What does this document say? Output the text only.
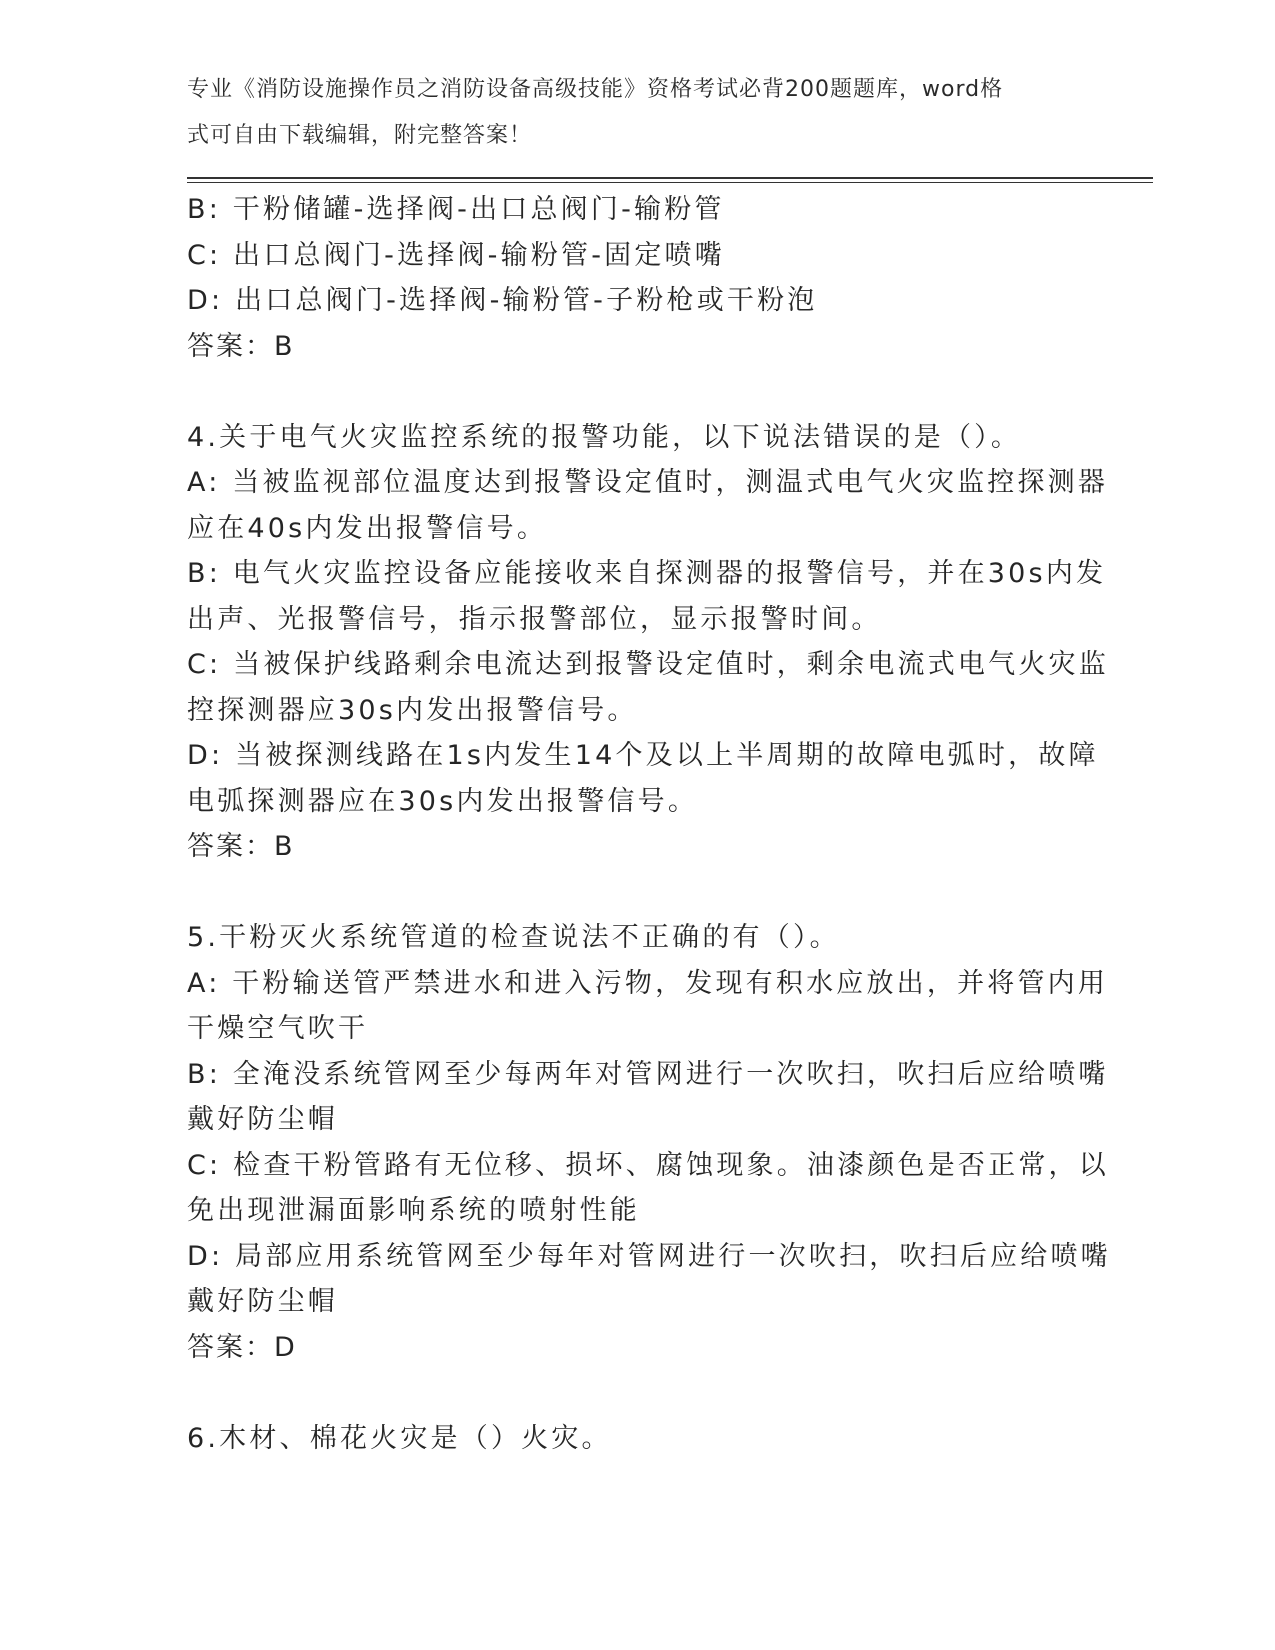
专业《消防设施操作员之消防设备高级技能》资格考试必背200题题库，word格
式可自由下载编辑，附完整答案！
B: 干粉储罐-选择阀-出口总阀门-输粉管
C: 出口总阀门-选择阀-输粉管-固定喷嘴
D: 出口总阀门-选择阀-输粉管-子粉枪或干粉泡
答案：B
4.关于电气火灾监控系统的报警功能，以下说法错误的是（）。
A: 当被监视部位温度达到报警设定值时，测温式电气火灾监控探测器
应在40s内发出报警信号。
B: 电气火灾监控设备应能接收来自探测器的报警信号，并在30s内发
出声、光报警信号，指示报警部位，显示报警时间。
C: 当被保护线路剩余电流达到报警设定值时，剩余电流式电气火灾监
控探测器应30s内发出报警信号。
D: 当被探测线路在1s内发生14个及以上半周期的故障电弧时，故障
电弧探测器应在30s内发出报警信号。
答案：B
5.干粉灭火系统管道的检查说法不正确的有（）。
A: 干粉输送管严禁进水和进入污物，发现有积水应放出，并将管内用
干燥空气吹干
B: 全淹没系统管网至少每两年对管网进行一次吹扫，吹扫后应给喷嘴
戴好防尘帽
C: 检查干粉管路有无位移、损坏、腐蚀现象。油漆颜色是否正常，以
免出现泄漏面影响系统的喷射性能
D: 局部应用系统管网至少每年对管网进行一次吹扫，吹扫后应给喷嘴
戴好防尘帽
答案：D
6.木材、棉花火灾是（）火灾。
